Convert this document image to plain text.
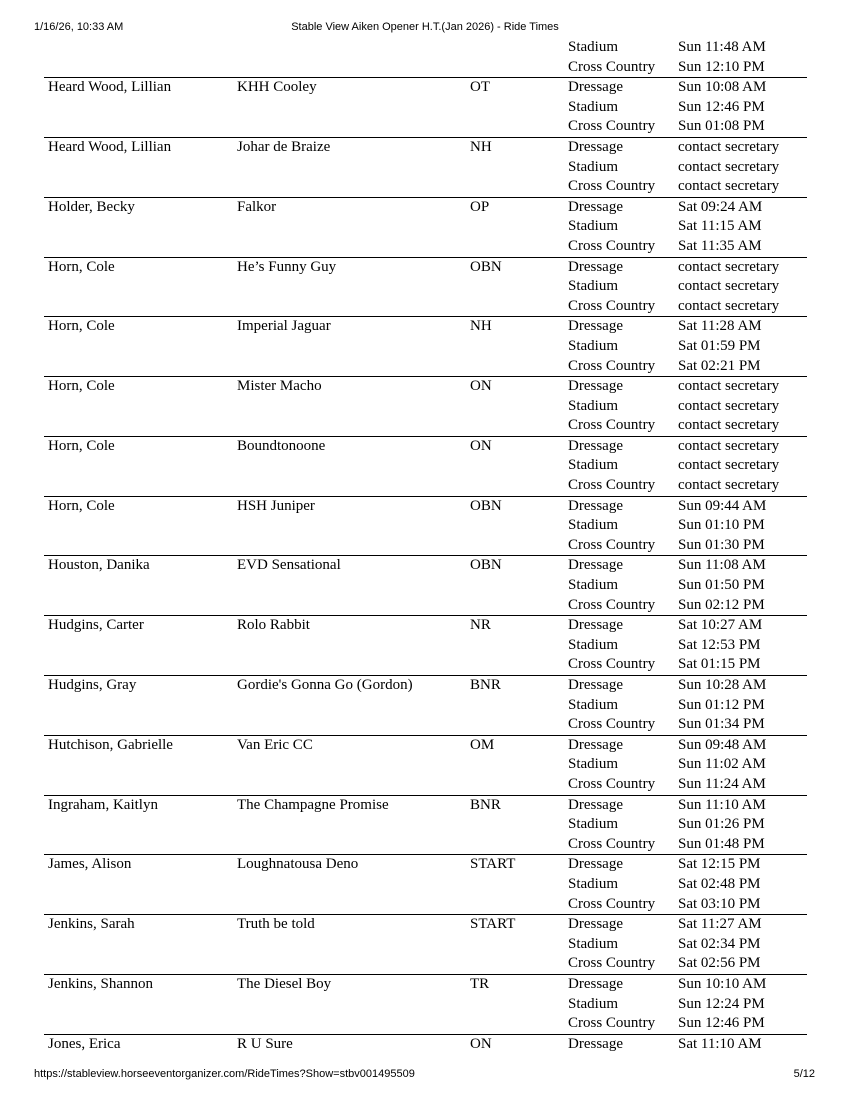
1/16/26, 10:33 AM	Stable View Aiken Opener H.T.(Jan 2026) - Ride Times
Stadium	Sun 11:48 AM
Cross Country Sun 12:10 PM
Heard Wood, Lillian	KHH Cooley	OT	Dressage	Sun 10:08 AM
Stadium	Sun 12:46 PM
Cross Country Sun 01:08 PM
Heard Wood, Lillian	Johar de Braize	NH	Dressage	contact secretary
Stadium	contact secretary
Cross Country contact secretary
Holder, Becky	Falkor	OP	Dressage	Sat 09:24 AM
Stadium	Sat 11:15 AM
Cross Country Sat 11:35 AM
Horn, Cole	He’s Funny Guy	OBN	Dressage	contact secretary
Stadium	contact secretary
Cross Country contact secretary
Horn, Cole	Imperial Jaguar	NH	Dressage	Sat 11:28 AM
Stadium	Sat 01:59 PM
Cross Country Sat 02:21 PM
Horn, Cole	Mister Macho	ON	Dressage	contact secretary
Stadium	contact secretary
Cross Country contact secretary
Horn, Cole	Boundtonoone	ON	Dressage	contact secretary
Stadium	contact secretary
Cross Country contact secretary
Horn, Cole	HSH Juniper	OBN	Dressage	Sun 09:44 AM
Stadium	Sun 01:10 PM
Cross Country Sun 01:30 PM
Houston, Danika	EVD Sensational	OBN	Dressage	Sun 11:08 AM
Stadium	Sun 01:50 PM
Cross Country Sun 02:12 PM
Hudgins, Carter	Rolo Rabbit	NR	Dressage	Sat 10:27 AM
Stadium	Sat 12:53 PM
Cross Country Sat 01:15 PM
Hudgins, Gray	Gordie's Gonna Go (Gordon)	BNR	Dressage	Sun 10:28 AM
Stadium	Sun 01:12 PM
Cross Country Sun 01:34 PM
Hutchison, Gabrielle	Van Eric CC	OM	Dressage	Sun 09:48 AM
Stadium	Sun 11:02 AM
Cross Country Sun 11:24 AM
Ingraham, Kaitlyn	The Champagne Promise	BNR	Dressage	Sun 11:10 AM
Stadium	Sun 01:26 PM
Cross Country Sun 01:48 PM
James, Alison	Loughnatousa Deno	START	Dressage	Sat 12:15 PM
Stadium	Sat 02:48 PM
Cross Country Sat 03:10 PM
Jenkins, Sarah	Truth be told	START	Dressage	Sat 11:27 AM
Stadium	Sat 02:34 PM
Cross Country Sat 02:56 PM
Jenkins, Shannon	The Diesel Boy	TR	Dressage	Sun 10:10 AM
Stadium	Sun 12:24 PM
Cross Country Sun 12:46 PM
Jones, Erica	R U Sure	ON	Dressage	Sat 11:10 AM
https://stableview.horseeventorganizer.com/RideTimes?Show=stbv001495509	5/12
